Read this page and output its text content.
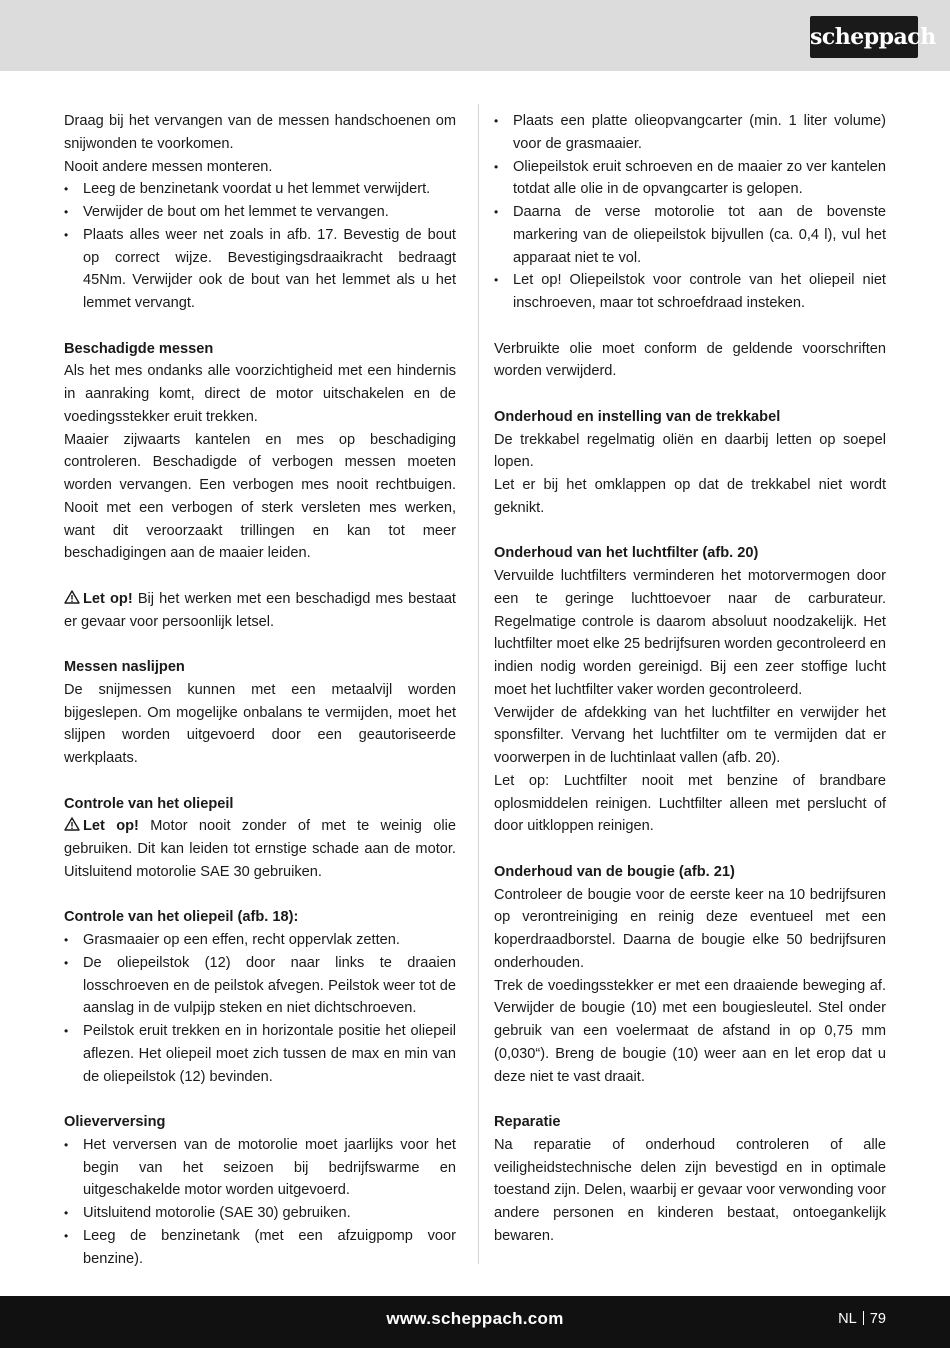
scheppach

Draag bij het vervangen van de messen handschoenen om snijwonden te voorkomen.

Nooit andere messen monteren.

• Leeg de benzinetank voordat u het lemmet verwijdert.
• Verwijder de bout om het lemmet te vervangen.
• Plaats alles weer net zoals in afb. 17. Bevestig de bout op correct wijze. Bevestigingsdraaikracht bedraagt 45Nm. Verwijder ook de bout van het lemmet als u het lemmet vervangt.
Beschadigde messen

Als het mes ondanks alle voorzichtigheid met een hindernis in aanraking komt, direct de motor uitschakelen en de voedingsstekker eruit trekken.

Maaier zijwaarts kantelen en mes op beschadiging controleren. Beschadigde of verbogen messen moeten worden vervangen. Een verbogen mes nooit rechtbuigen. Nooit met een verbogen of sterk versleten mes werken, want dit veroorzaakt trillingen en kan tot meer beschadigingen aan de maaier leiden.

Let op! Bij het werken met een beschadigd mes bestaat er gevaar voor persoonlijk letsel.

Messen naslijpen

De snijmessen kunnen met een metaalvijl worden bijgeslepen. Om mogelijke onbalans te vermijden, moet het slijpen worden uitgevoerd door een geautoriseerde werkplaats.

Controle van het oliepeil

Let op! Motor nooit zonder of met te weinig olie gebruiken. Dit kan leiden tot ernstige schade aan de motor. Uitsluitend motorolie SAE 30 gebruiken.

Controle van het oliepeil (afb. 18):
• Grasmaaier op een effen, recht oppervlak zetten.
• De oliepeilstok (12) door naar links te draaien losschroeven en de peilstok afvegen. Peilstok weer tot de aanslag in de vulpijp steken en niet dichtschroeven.
• Peilstok eruit trekken en in horizontale positie het oliepeil aflezen. Het oliepeil moet zich tussen de max en min van de oliepeilstok (12) bevinden.
Olieverversing
• Het verversen van de motorolie moet jaarlijks voor het begin van het seizoen bij bedrijfswarme en uitgeschakelde motor worden uitgevoerd.
• Uitsluitend motorolie (SAE 30) gebruiken.
• Leeg de benzinetank (met een afzuigpomp voor benzine).
• Plaats een platte olieopvangcarter (min. 1 liter volume) voor de grasmaaier.
• Oliepeilstok eruit schroeven en de maaier zo ver kantelen totdat alle olie in de opvangcarter is gelopen.
• Daarna de verse motorolie tot aan de bovenste markering van de oliepeilstok bijvullen (ca. 0,4 l), vul het apparaat niet te vol.
• Let op! Oliepeilstok voor controle van het oliepeil niet inschroeven, maar tot schroefdraad insteken.

Verbruikte olie moet conform de geldende voorschriften worden verwijderd.

Onderhoud en instelling van de trekkabel

De trekkabel regelmatig oliën en daarbij letten op soepel lopen.

Let er bij het omklappen op dat de trekkabel niet wordt geknikt.

Onderhoud van het luchtfilter (afb. 20)

Vervuilde luchtfilters verminderen het motorvermogen door een te geringe luchttoevoer naar de carburateur. Regelmatige controle is daarom absoluut noodzakelijk. Het luchtfilter moet elke 25 bedrijfsuren worden gecontroleerd en indien nodig worden gereinigd. Bij een zeer stoffige lucht moet het luchtfilter vaker worden gecontroleerd.

Verwijder de afdekking van het luchtfilter en verwijder het sponsfilter. Vervang het luchtfilter om te vermijden dat er voorwerpen in de luchtinlaat vallen (afb. 20).

Let op: Luchtfilter nooit met benzine of brandbare oplosmiddelen reinigen. Luchtfilter alleen met perslucht of door uitkloppen reinigen.

Onderhoud van de bougie (afb. 21)

Controleer de bougie voor de eerste keer na 10 bedrijfsuren op verontreiniging en reinig deze eventueel met een koperdraadborstel. Daarna de bougie elke 50 bedrijfsuren onderhouden.

Trek de voedingsstekker er met een draaiende beweging af. Verwijder de bougie (10) met een bougiesleutel. Stel onder gebruik van een voelermaat de afstand in op 0,75 mm (0,030“). Breng de bougie (10) weer aan en let erop dat u deze niet te vast draait.

Reparatie

Na reparatie of onderhoud controleren of alle veiligheidstechnische delen zijn bevestigd en in optimale toestand zijn. Delen, waarbij er gevaar voor verwonding voor andere personen en kinderen bestaat, ontoegankelijk bewaren.

www.scheppach.com	NL 79
